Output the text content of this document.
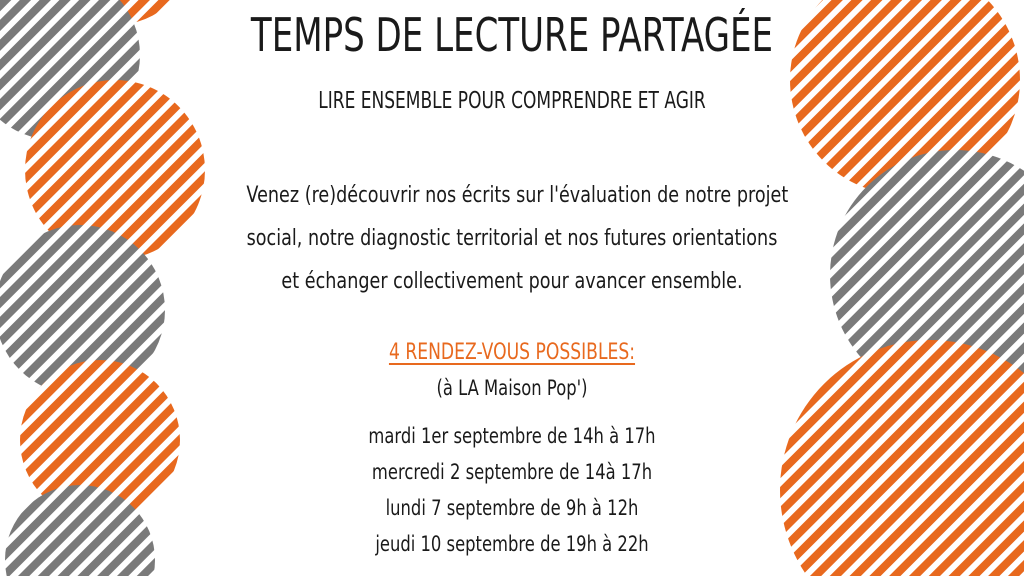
TEMPS DE LECTURE PARTAGÉE
LIRE ENSEMBLE POUR COMPRENDRE ET AGIR
Venez (re)découvrir nos écrits sur l'évaluation de notre projet
social, notre diagnostic territorial et nos futures orientations
et échanger collectivement pour avancer ensemble.
4 RENDEZ-VOUS POSSIBLES:
(à LA Maison Pop')
mardi 1er septembre de 14h à 17h
mercredi 2 septembre de 14à 17h
lundi 7 septembre de 9h à 12h
jeudi 10 septembre de 19h à 22h
